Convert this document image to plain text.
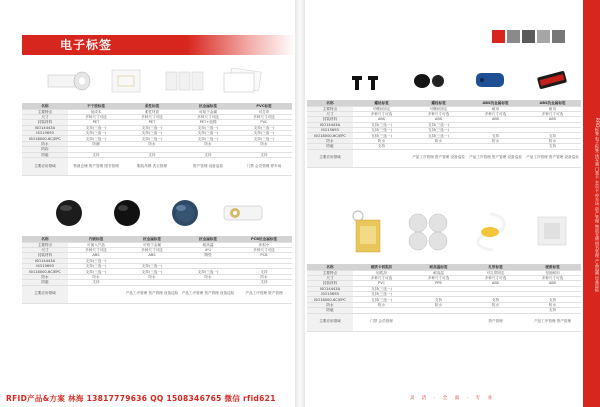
电子标签
名称	不干胶标签	柔性标签	抗金属标签	PVC标签
主要特点	低成本	柔性材质	可贴于金属	可打印
尺寸	多种尺寸可选	多种尺寸可选	多种尺寸可选	多种尺寸可选
封装材料	PET	PET	PET+泡棉	PVC
ISO14443A	支持(三选一)	支持(三选一)	支持(三选一)	支持(三选一)
ISO15693	支持(三选一)	支持(三选一)	支持(三选一)	支持(三选一)
ISO18000-6C/EPC	支持(三选一)	支持(三选一)	支持(三选一)	支持(三选一)
防水	防潮	防水	防水	防水
防拆				
防磁	支持	支持	支持	支持
主要应用领域	物流仓储 资产管理 图书管理	服装吊牌 洗衣管理	资产管理 设备巡检	门禁 会员管理 停车场
名称	内嵌标签	抗金属标签	抗金属标签	PCB抗金属标签
主要特点	可嵌入产品	可贴于金属	耐高温	体积小
尺寸	多种尺寸可选	多种尺寸可选	4*1	多种尺寸可选
封装材料	ABS	ABS	陶瓷	PCB
ISO14443A	支持(三选一)			
ISO15693	支持(三选一)	支持(三选一)		
ISO18000-6C/EPC	支持(三选一)	支持(三选一)	支持(三选一)	支持
防水	防水	防水	防水	防水
防磁	支持			支持
主要应用领域		产品工序管理 资产管理 设备巡检	产品工序管理 资产管理 设备巡检	产品工序管理 资产管理
RFID产品&方案 林海 13817779636 QQ 1508346765 微信 rfid621
名称	螺丝标签	螺栓标签	ABS抗金属标签	ABS抗金属标签
主要特点	可螺丝固定	可螺丝固定	耐用	耐用
尺寸	多种尺寸可选	多种尺寸可选	多种尺寸可选	多种尺寸可选
封装材料	ABS	ABS	ABS	ABS
ISO14443A	支持(三选一)	支持(三选一)		
ISO15693	支持(三选一)	支持(三选一)		
ISO18000-6C/EPC	支持(三选一)	支持(三选一)	支持	支持
防水	防水	防水	防水	防水
防磁	支持			支持
主要应用领域		产品工序管理 资产管理 设备巡检	产品工序管理 资产管理 设备巡检	产品工序管理 资产管理 设备巡检
名称	硬质卡钥匙扣	耐高温标签	扎带标签	硬质标签
主要特点	钥匙扣	耐高温	可扎带固定	坚固耐用
尺寸	多种尺寸可选	多种尺寸可选	多种尺寸可选	多种尺寸可选
封装材料	PVC	PPS	ABS	ABS
ISO14443A	支持(三选一)			
ISO15693	支持(三选一)			
ISO18000-6C/EPC	支持(三选一)	支持	支持	支持
防水	防水	防水	防水	防水
防磁				支持
主要应用领域	门禁 会员管理		资产管理	产品工序管理 资产管理
灵 活 · 全 面 · 专 业
RFID标签 电子标签 读写器 门禁卡 会员卡 停车场 资产管理 物流仓储 图书管理 产品追溯 设备巡检
